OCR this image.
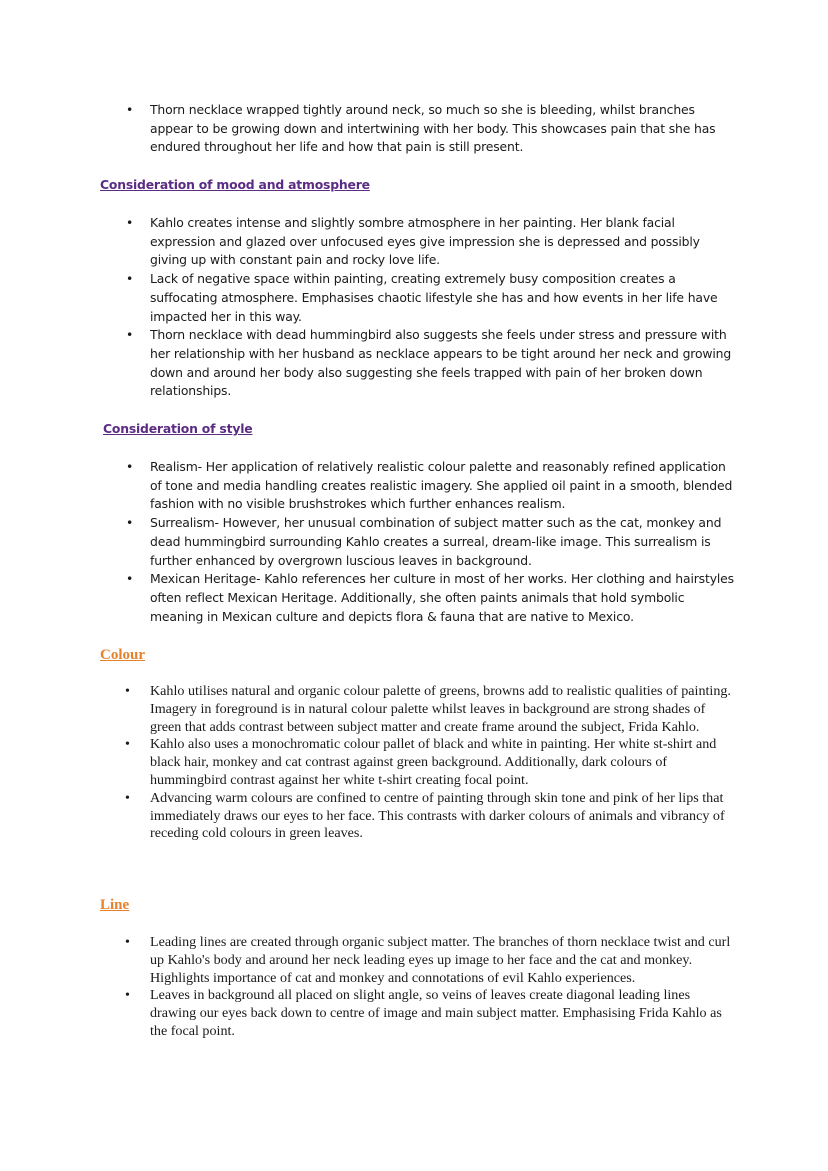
• Thorn necklace wrapped tightly around neck, so much so she is bleeding, whilst branches appear to be growing down and intertwining with her body. This showcases pain that she has endured throughout her life and how that pain is still present.
Consideration of mood and atmosphere
• Kahlo creates intense and slightly sombre atmosphere in her painting. Her blank facial expression and glazed over unfocused eyes give impression she is depressed and possibly giving up with constant pain and rocky love life.
• Lack of negative space within painting, creating extremely busy composition creates a suffocating atmosphere. Emphasises chaotic lifestyle she has and how events in her life have impacted her in this way.
• Thorn necklace with dead hummingbird also suggests she feels under stress and pressure with her relationship with her husband as necklace appears to be tight around her neck and growing down and around her body also suggesting she feels trapped with pain of her broken down relationships.
Consideration of style
• Realism- Her application of relatively realistic colour palette and reasonably refined application of tone and media handling creates realistic imagery. She applied oil paint in a smooth, blended fashion with no visible brushstrokes which further enhances realism.
• Surrealism- However, her unusual combination of subject matter such as the cat, monkey and dead hummingbird surrounding Kahlo creates a surreal, dream-like image. This surrealism is further enhanced by overgrown luscious leaves in background.
• Mexican Heritage- Kahlo references her culture in most of her works. Her clothing and hairstyles often reflect Mexican Heritage. Additionally, she often paints animals that hold symbolic meaning in Mexican culture and depicts flora & fauna that are native to Mexico.
Colour
• Kahlo utilises natural and organic colour palette of greens, browns add to realistic qualities of painting. Imagery in foreground is in natural colour palette whilst leaves in background are strong shades of green that adds contrast between subject matter and create frame around the subject, Frida Kahlo.
• Kahlo also uses a monochromatic colour pallet of black and white in painting. Her white st-shirt and black hair, monkey and cat contrast against green background. Additionally, dark colours of hummingbird contrast against her white t-shirt creating focal point.
• Advancing warm colours are confined to centre of painting through skin tone and pink of her lips that immediately draws our eyes to her face. This contrasts with darker colours of animals and vibrancy of receding cold colours in green leaves.
Line
• Leading lines are created through organic subject matter. The branches of thorn necklace twist and curl up Kahlo's body and around her neck leading eyes up image to her face and the cat and monkey. Highlights importance of cat and monkey and connotations of evil Kahlo experiences.
• Leaves in background all placed on slight angle, so veins of leaves create diagonal leading lines drawing our eyes back down to centre of image and main subject matter. Emphasising Frida Kahlo as the focal point.
